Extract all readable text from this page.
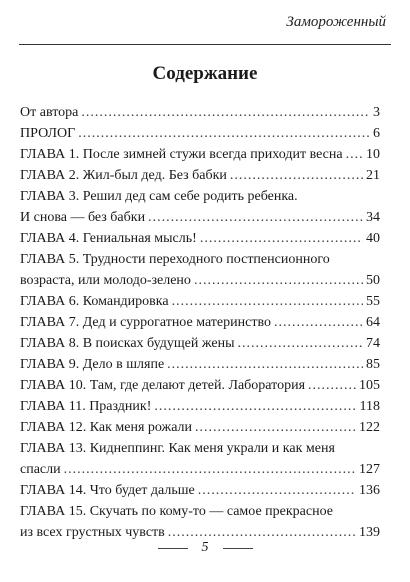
Замороженный
Содержание
От автора .....	3
ПРОЛОГ .....	6
ГЛАВА 1. После зимней стужи всегда приходит весна ..... 10
ГЛАВА 2. Жил-был дед. Без бабки .....	21
ГЛАВА 3. Решил дед сам себе родить ребенка.
И снова — без бабки .....	34
ГЛАВА 4. Гениальная мысль! .....	40
ГЛАВА 5. Трудности переходного постпенсионного
возраста, или молодо-зелено .....	50
ГЛАВА 6. Командировка .....	55
ГЛАВА 7. Дед и суррогатное материнство .....	64
ГЛАВА 8. В поисках будущей жены .....	74
ГЛАВА 9. Дело в шляпе .....	85
ГЛАВА 10. Там, где делают детей. Лаборатория .....	105
ГЛАВА 11. Праздник! .....	118
ГЛАВА 12. Как меня рожали .....	122
ГЛАВА 13. Киднеппинг. Как меня украли и как меня
спасли .....	127
ГЛАВА 14. Что будет дальше .....	136
ГЛАВА 15. Скучать по кому-то — самое прекрасное
из всех грустных чувств .....	139
5
